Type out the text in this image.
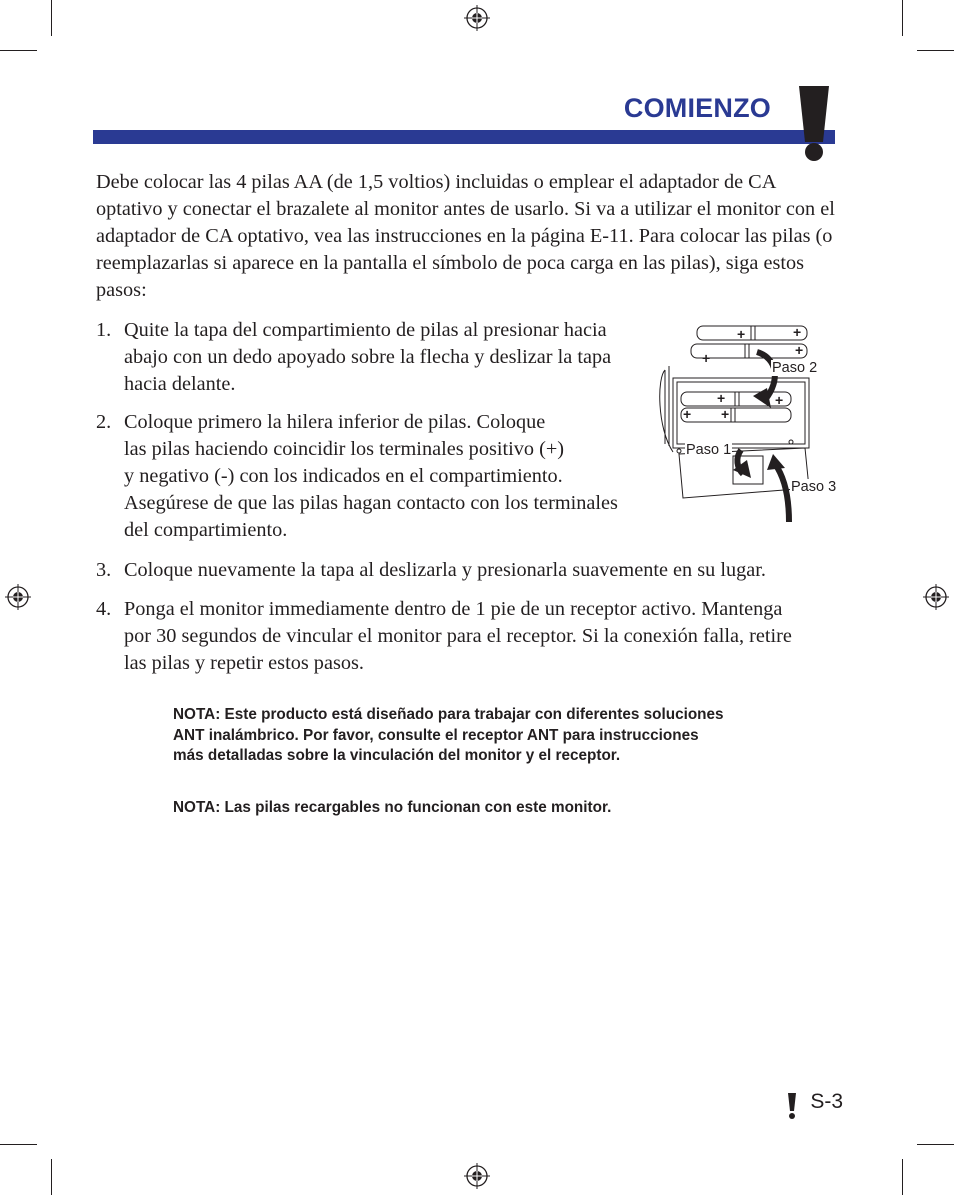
COMIENZO
Debe colocar las 4 pilas AA (de 1,5 voltios) incluidas o emplear el adaptador de CA optativo y conectar el brazalete al monitor antes de usarlo. Si va a utilizar el monitor con el adaptador de CA optativo, vea las instrucciones en la página E-11. Para colocar las pilas (o reemplazarlas si aparece en la pantalla el símbolo de poca carga en las pilas), siga estos pasos:
1. Quite la tapa del compartimiento de pilas al presionar hacia
abajo con un dedo apoyado sobre la flecha y deslizar la tapa
hacia delante.
2. Coloque primero la hilera inferior de pilas. Coloque
las pilas haciendo coincidir los terminales positivo (+)
y negativo (-) con los indicados en el compartimiento.
Asegúrese de que las pilas hagan contacto con los terminales
del compartimiento.
3. Coloque nuevamente la tapa al deslizarla y presionarla suavemente en su lugar.
4. Ponga el monitor immediamente dentro de 1 pie de un receptor activo. Mantenga
por 30 segundos de vincular el monitor para el receptor. Si la conexión falla, retire
las pilas y repetir estos pasos.
+
+
+
+
+	+
+ +
Paso 2
Paso 1
Paso 3
NOTA: Este producto está diseñado para trabajar con diferentes soluciones
ANT inalámbrico. Por favor, consulte el receptor ANT para instrucciones
más detalladas sobre la vinculación del monitor y el receptor.
NOTA: Las pilas recargables no funcionan con este monitor.
S-3
